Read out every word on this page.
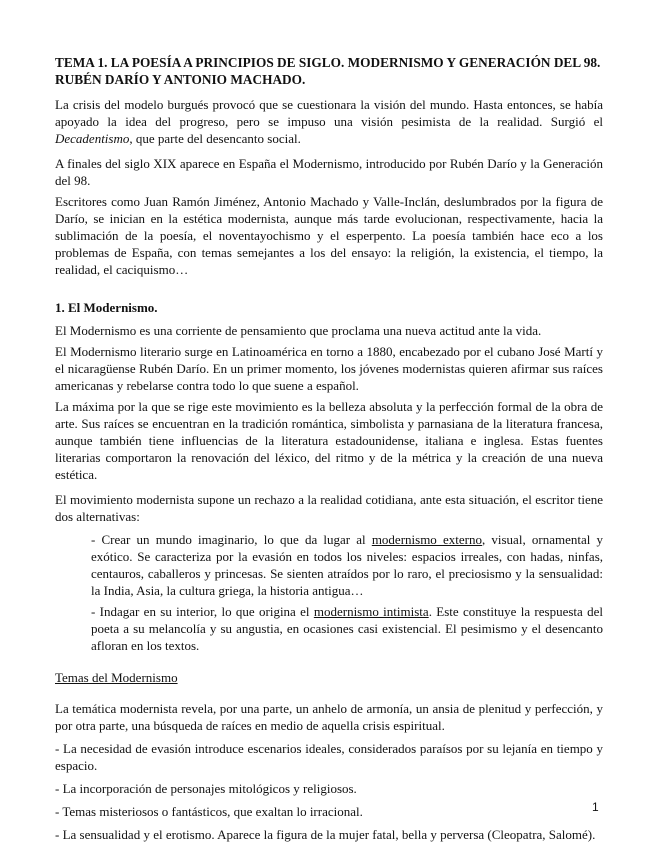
TEMA 1. LA POESÍA A PRINCIPIOS DE SIGLO. MODERNISMO Y GENERACIÓN DEL 98. RUBÉN DARÍO Y ANTONIO MACHADO.

La crisis del modelo burgués provocó que se cuestionara la visión del mundo. Hasta entonces, se había apoyado la idea del progreso, pero se impuso una visión pesimista de la realidad. Surgió el Decadentismo, que parte del desencanto social.

A finales del siglo XIX aparece en España el Modernismo, introducido por Rubén Darío y la Generación del 98.

Escritores como Juan Ramón Jiménez, Antonio Machado y Valle-Inclán, deslumbrados por la figura de Darío, se inician en la estética modernista, aunque más tarde evolucionan, respectivamente, hacia la sublimación de la poesía, el noventayochismo y el esperpento. La poesía también hace eco a los problemas de España, con temas semejantes a los del ensayo: la religión, la existencia, el tiempo, la realidad, el caciquismo…

1. El Modernismo.

El Modernismo es una corriente de pensamiento que proclama una nueva actitud ante la vida.

El Modernismo literario surge en Latinoamérica en torno a 1880, encabezado por el cubano José Martí y el nicaragüense Rubén Darío. En un primer momento, los jóvenes modernistas quieren afirmar sus raíces americanas y rebelarse contra todo lo que suene a español.

La máxima por la que se rige este movimiento es la belleza absoluta y la perfección formal de la obra de arte. Sus raíces se encuentran en la tradición romántica, simbolista y parnasiana de la literatura francesa, aunque también tiene influencias de la literatura estadounidense, italiana e inglesa. Estas fuentes literarias comportaron la renovación del léxico, del ritmo y de la métrica y la creación de una nueva estética.

El movimiento modernista supone un rechazo a la realidad cotidiana, ante esta situación, el escritor tiene dos alternativas:

- Crear un mundo imaginario, lo que da lugar al modernismo externo, visual, ornamental y exótico. Se caracteriza por la evasión en todos los niveles: espacios irreales, con hadas, ninfas, centauros, caballeros y princesas. Se sienten atraídos por lo raro, el preciosismo y la sensualidad: la India, Asia, la cultura griega, la historia antigua…

- Indagar en su interior, lo que origina el modernismo intimista. Este constituye la respuesta del poeta a su melancolía y su angustia, en ocasiones casi existencial. El pesimismo y el desencanto afloran en los textos.

Temas del Modernismo

La temática modernista revela, por una parte, un anhelo de armonía, un ansia de plenitud y perfección, y por otra parte, una búsqueda de raíces en medio de aquella crisis espiritual.

- La necesidad de evasión introduce escenarios ideales, considerados paraísos por su lejanía en tiempo y espacio.

- La incorporación de personajes mitológicos y religiosos.

- Temas misteriosos o fantásticos, que exaltan lo irracional.

- La sensualidad y el erotismo. Aparece la figura de la mujer fatal, bella y perversa (Cleopatra, Salomé).

1
